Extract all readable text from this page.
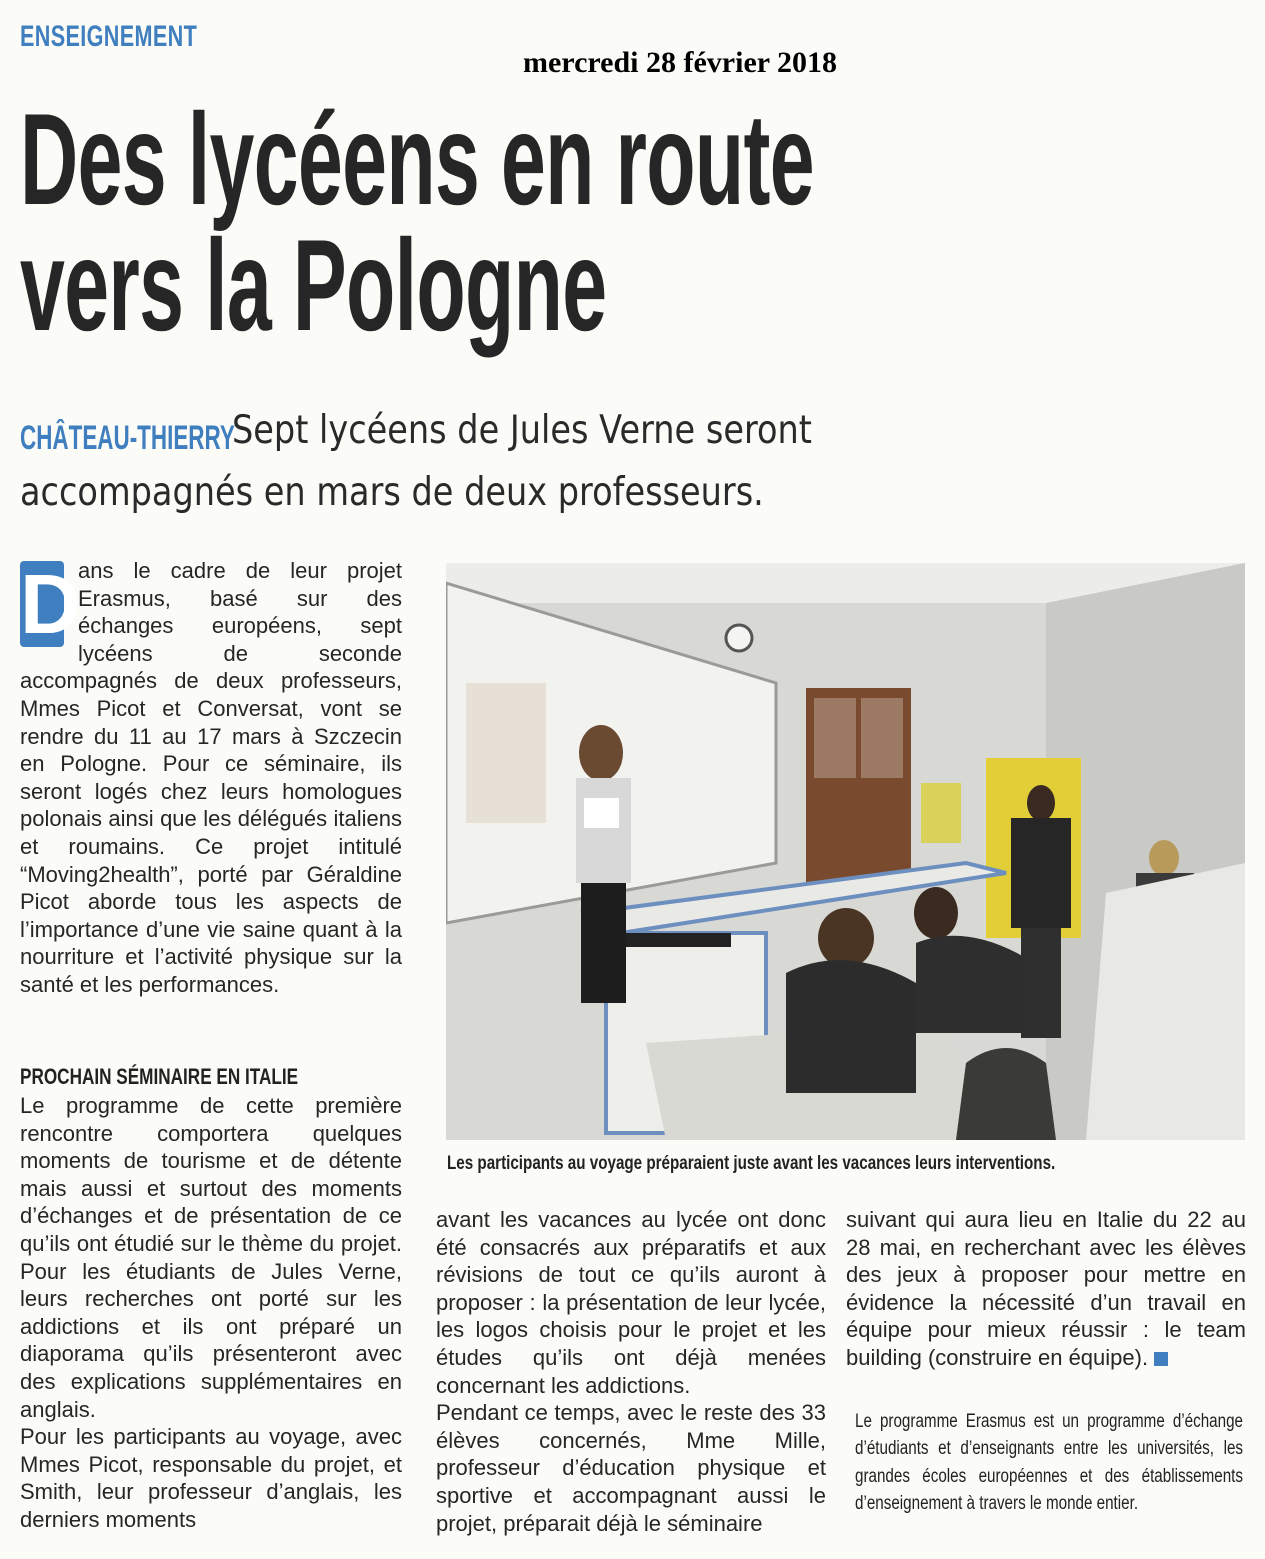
ENSEIGNEMENT
mercredi 28 février 2018
Des lycéens en route
vers la Pologne
CHÂTEAU-THIERRY
Sept lycéens de Jules Verne seront
accompagnés en mars de deux professeurs.
D

ans le cadre de leur projet Erasmus, basé sur des échanges européens, sept lycéens de seconde accompagnés de deux professeurs, Mmes Picot et Conversat, vont se rendre du 11 au 17 mars à Szczecin en Pologne. Pour ce séminaire, ils seront logés chez leurs homologues polonais ainsi que les délégués italiens et roumains. Ce projet intitulé “Moving2health”, porté par Géraldine Picot aborde tous les aspects de l’importance d’une vie saine quant à la nourriture et l’activité physique sur la santé et les performances.

PROCHAIN SÉMINAIRE EN ITALIE

Le programme de cette première rencontre comportera quelques moments de tourisme et de détente mais aussi et surtout des moments d’échanges et de présentation de ce qu’ils ont étudié sur le thème du projet. Pour les étudiants de Jules Verne, leurs recherches ont porté sur les addictions et ils ont préparé un diaporama qu’ils présenteront avec des explications supplémentaires en anglais.

Pour les participants au voyage, avec Mmes Picot, responsable du projet, et Smith, leur professeur d’anglais, les derniers moments

Les participants au voyage préparaient juste avant les vacances leurs interventions.

avant les vacances au lycée ont donc été consacrés aux préparatifs et aux révisions de tout ce qu’ils auront à proposer : la présentation de leur lycée, les logos choisis pour le projet et les études qu’ils ont déjà menées concernant les addictions.

Pendant ce temps, avec le reste des 33 élèves concernés, Mme Mille, professeur d’éducation physique et sportive et accompagnant aussi le projet, préparait déjà le séminaire

suivant qui aura lieu en Italie du 22 au 28 mai, en recherchant avec les élèves des jeux à proposer pour mettre en évidence la nécessité d’un travail en équipe pour mieux réussir : le team building (construire en équipe).

Le programme Erasmus est un programme d’échange d’étudiants et d’enseignants entre les universités, les grandes écoles européennes et des établissements d’enseignement à travers le monde entier.
